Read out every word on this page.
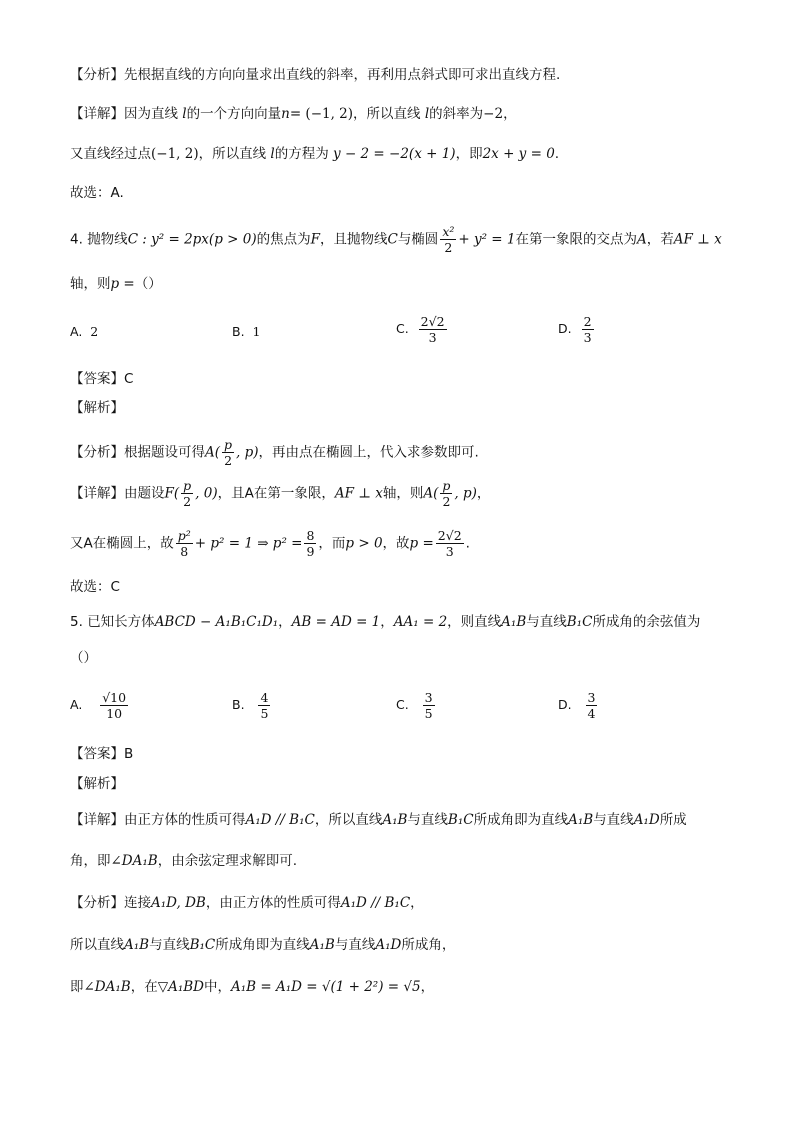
【分析】先根据直线的方向向量求出直线的斜率，再利用点斜式即可求出直线方程.
【详解】因为直线 l的一个方向向量n= (−1, 2)，所以直线 l的斜率为−2，
又直线经过点(−1, 2)，所以直线 l的方程为 y − 2 = −2(x + 1)，即2x + y = 0.
故选：A.
4. 抛物线C : y² = 2px(p > 0)的焦点为F，且抛物线C与椭圆 $\frac{\text{x²}}{2} + y^2 = 1$在第一象限的交点为A，若AF ⊥ x
轴，则p =（）
A. 2	B. 1	C. $\frac{2√2}{3}$	D. $\frac{2}{3}$
【答案】C
【解析】
【分析】根据题设可得$A( \frac{p}{2}$ , p)，再由点在椭圆上，代入求参数即可.
【详解】由题设$F( \frac{p}{2}$ , 0)，且A在第一象限，AF ⊥ x轴，则$A( \frac{p}{2}$ , p)，
又A在椭圆上，故 $\frac{\text{p²}}{8} + p^2 = 1$ ⇒ $p^2 = \frac{8}{9}$ ，而p > 0，故$p = \frac{2√2}{3}$ .
故选：C
5. 已知长方体ABCD − A₁B₁C₁D₁，AB = AD = 1，AA₁ = 2，则直线A₁B与直线B₁C所成角的余弦值为
（）
A. $\frac{√10}{10}$	B. $\frac{4}{5}$	C. $\frac{3}{5}$	D. $\frac{3}{4}$
【答案】B
【解析】
【详解】由正方体的性质可得A₁D // B₁C，所以直线A₁B与直线B₁C所成角即为直线A₁B与直线A₁D所成
角，即∠DA₁B，由余弦定理求解即可.
【分析】连接A₁D, DB，由正方体的性质可得A₁D // B₁C，
所以直线A₁B与直线B₁C所成角即为直线A₁B与直线A₁D所成角，
即∠DA₁B，在▽A₁BD中，A₁B = A₁D = √(1 + 2²) = √5，
